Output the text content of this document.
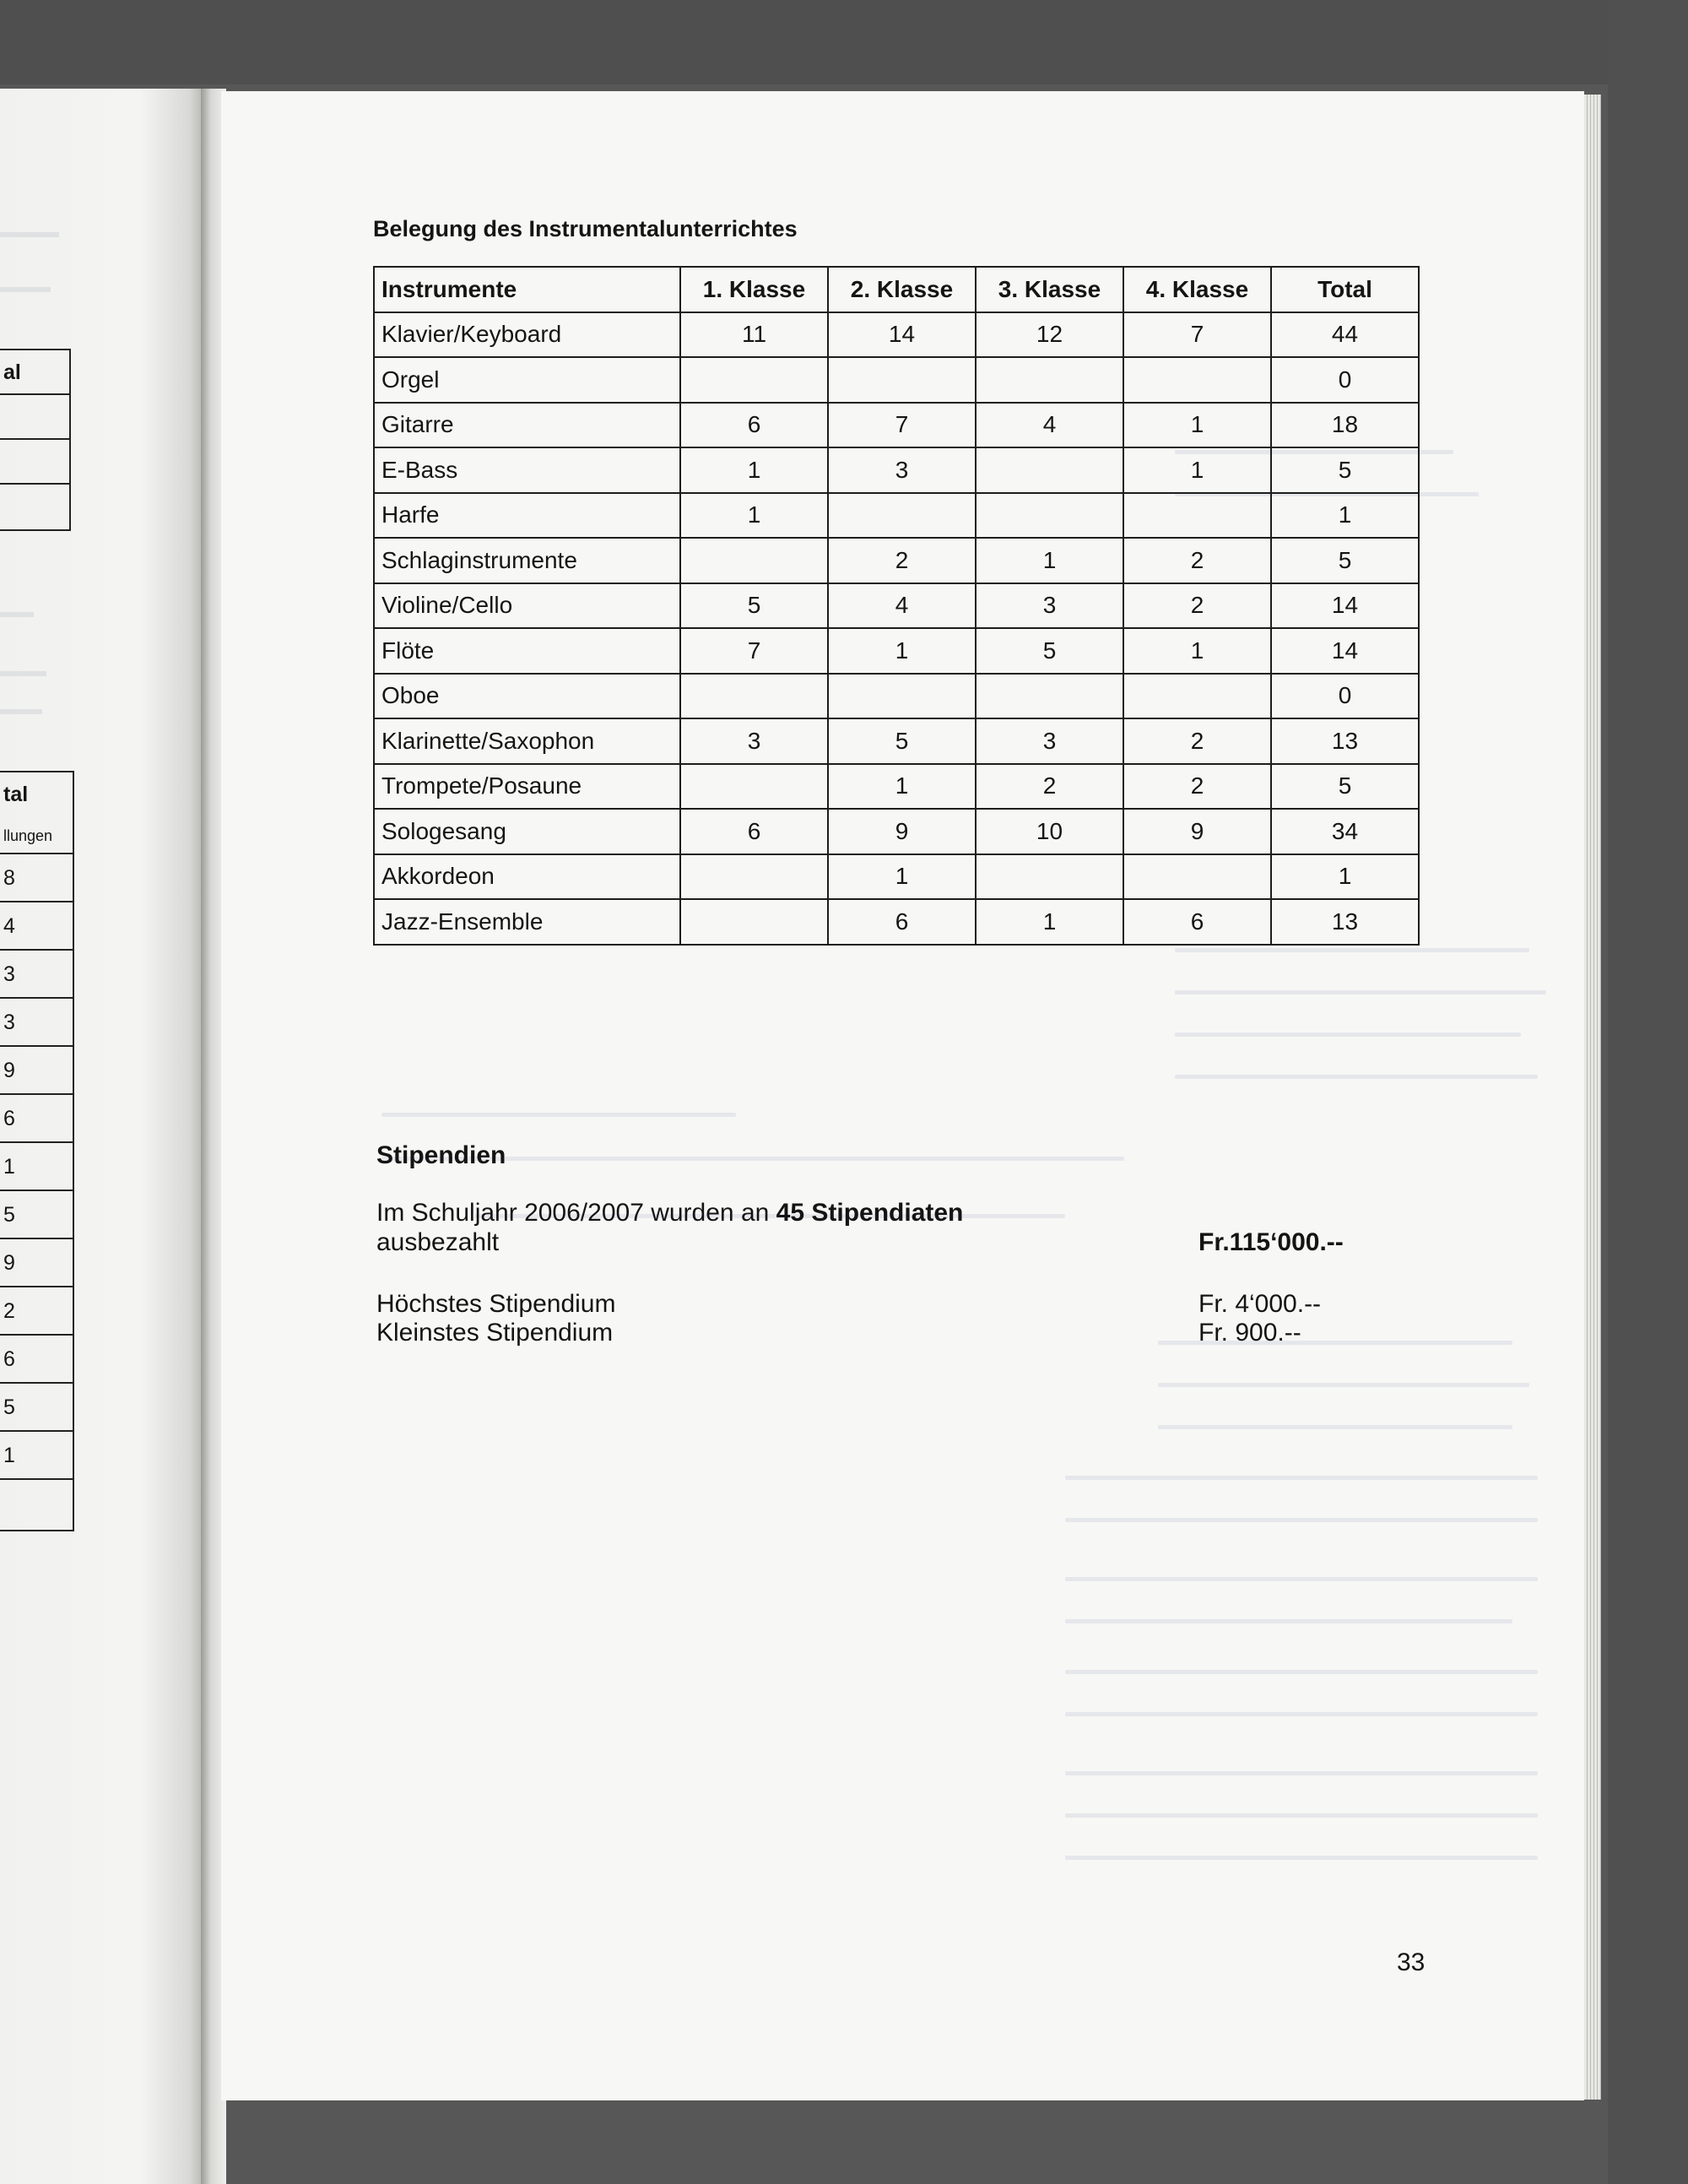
al
tal
llungen
8
4
3
3
9
6
1
5
9
2
6
5
1
Belegung des Instrumentalunterrichtes
Instrumente	1. Klasse	2. Klasse	3. Klasse	4. Klasse	Total
Klavier/Keyboard	11	14	12	7	44
Orgel					0
Gitarre	6	7	4	1	18
E-Bass	1	3		1	5
Harfe	1				1
Schlaginstrumente		2	1	2	5
Violine/Cello	5	4	3	2	14
Flöte	7	1	5	1	14
Oboe					0
Klarinette/Saxophon	3	5	3	2	13
Trompete/Posaune		1	2	2	5
Sologesang	6	9	10	9	34
Akkordeon		1			1
Jazz-Ensemble		6	1	6	13
Stipendien
Im Schuljahr 2006/2007 wurden an 45 Stipendiaten
ausbezahlt	Fr.115‘000.--
Höchstes Stipendium	Fr. 4‘000.--
Kleinstes Stipendium	Fr. 900.--
33
